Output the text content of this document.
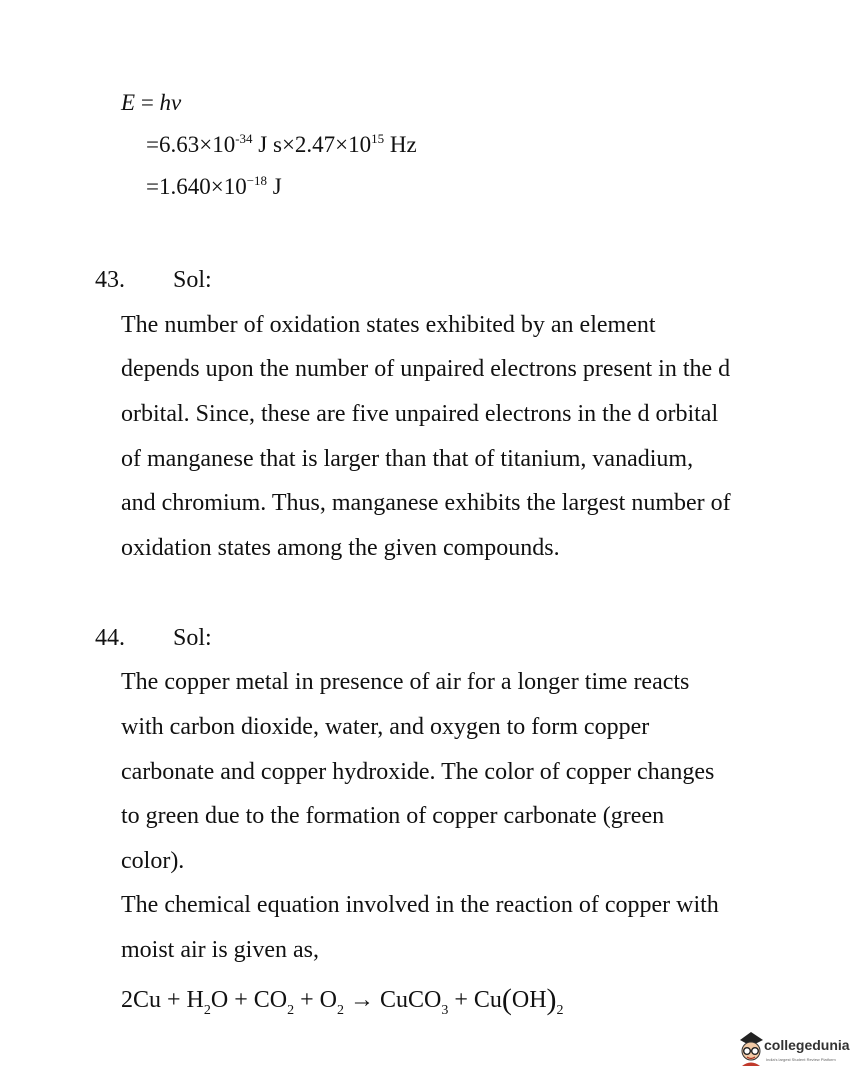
E = hv
$=6.63\times 10^{-34}$ J $s\times 2.47\times 10^{15}$ Hz
$=1.640\times 10^{-18}$ J
43. Sol:
The number of oxidation states exhibited by an element
depends upon the number of unpaired electrons present in the d
orbital. Since, these are five unpaired electrons in the d orbital
of manganese that is larger than that of titanium, vanadium,
and chromium. Thus, manganese exhibits the largest number of
oxidation states among the given compounds.
44. Sol:
The copper metal in presence of air for a longer time reacts
with carbon dioxide, water, and oxygen to form copper
carbonate and copper hydroxide. The color of copper changes
to green due to the formation of copper carbonate (green
color).
The chemical equation involved in the reaction of copper with
moist air is given as,
$2Cu + H_2O + CO_2 + O_2$ → CuCO$_3$ + $Cu(OH)_2$
collegedunia
India's largest Student Review Platform
